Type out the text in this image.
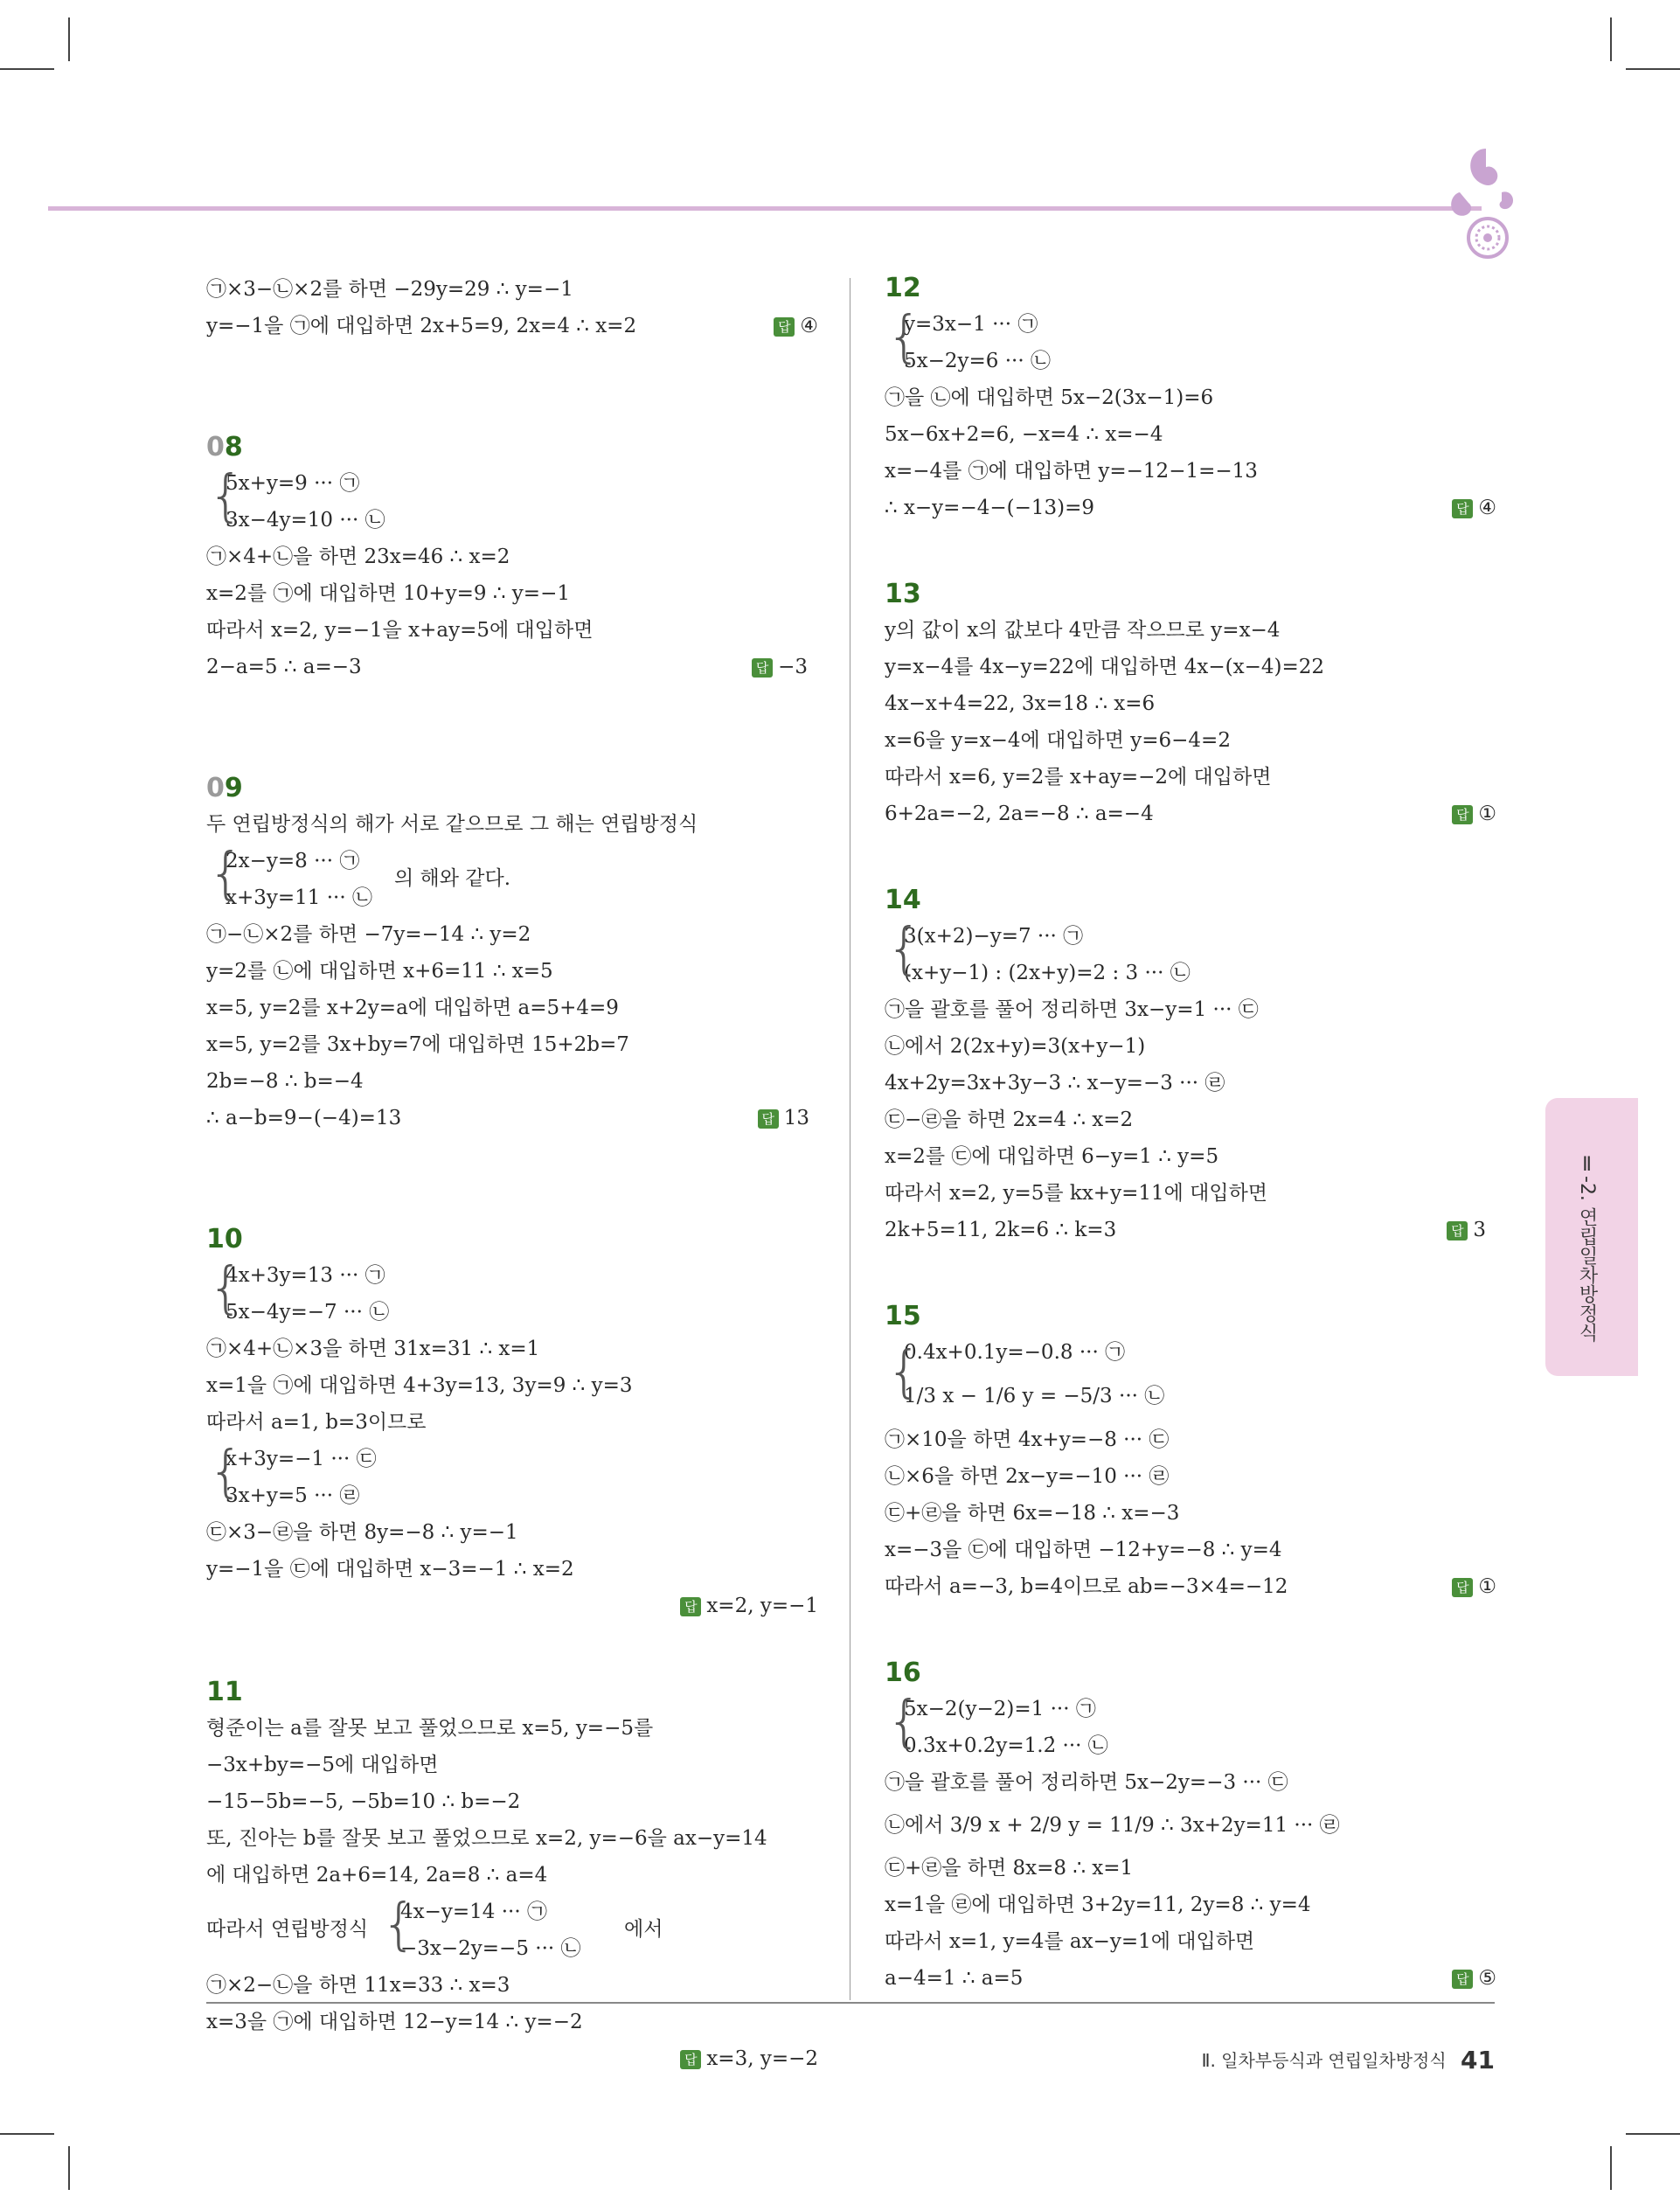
㉠×3−㉡×2를 하면 −29y=29 ∴ y=−1
y=−1을 ㉠에 대입하면 2x+5=9, 2x=4 ∴ x=2	답 ④
08
{
5x+y=9 ··· ㉠
3x−4y=10 ··· ㉡
㉠×4+㉡을 하면 23x=46 ∴ x=2
x=2를 ㉠에 대입하면 10+y=9 ∴ y=−1
따라서 x=2, y=−1을 x+ay=5에 대입하면
2−a=5 ∴ a=−3	답 −3
09
두 연립방정식의 해가 서로 같으므로 그 해는 연립방정식
{
2x−y=8 ··· ㉠
x+3y=11 ··· ㉡
의 해와 같다.
㉠−㉡×2를 하면 −7y=−14 ∴ y=2
y=2를 ㉡에 대입하면 x+6=11 ∴ x=5
x=5, y=2를 x+2y=a에 대입하면 a=5+4=9
x=5, y=2를 3x+by=7에 대입하면 15+2b=7
2b=−8 ∴ b=−4
∴ a−b=9−(−4)=13	답 13
10
{
4x+3y=13 ··· ㉠
5x−4y=−7 ··· ㉡
㉠×4+㉡×3을 하면 31x=31 ∴ x=1
x=1을 ㉠에 대입하면 4+3y=13, 3y=9 ∴ y=3
따라서 a=1, b=3이므로
{
x+3y=−1 ··· ㉢
3x+y=5 ··· ㉣
㉢×3−㉣을 하면 8y=−8 ∴ y=−1
y=−1을 ㉢에 대입하면 x−3=−1 ∴ x=2
답 x=2, y=−1
11
형준이는 a를 잘못 보고 풀었으므로 x=5, y=−5를
−3x+by=−5에 대입하면
−15−5b=−5, −5b=10 ∴ b=−2
또, 진아는 b를 잘못 보고 풀었으므로 x=2, y=−6을 ax−y=14
에 대입하면 2a+6=14, 2a=8 ∴ a=4
따라서 연립방정식 {
4x−y=14 ··· ㉠
−3x−2y=−5 ··· ㉡
에서
㉠×2−㉡을 하면 11x=33 ∴ x=3
x=3을 ㉠에 대입하면 12−y=14 ∴ y=−2
답 x=3, y=−2
12
{
y=3x−1 ··· ㉠
5x−2y=6 ··· ㉡
㉠을 ㉡에 대입하면 5x−2(3x−1)=6
5x−6x+2=6, −x=4 ∴ x=−4
x=−4를 ㉠에 대입하면 y=−12−1=−13
∴ x−y=−4−(−13)=9	답 ④
13
y의 값이 x의 값보다 4만큼 작으므로 y=x−4
y=x−4를 4x−y=22에 대입하면 4x−(x−4)=22
4x−x+4=22, 3x=18 ∴ x=6
x=6을 y=x−4에 대입하면 y=6−4=2
따라서 x=6, y=2를 x+ay=−2에 대입하면
6+2a=−2, 2a=−8 ∴ a=−4	답 ①
14
{
3(x+2)−y=7 ··· ㉠
(x+y−1) : (2x+y)=2 : 3 ··· ㉡
㉠을 괄호를 풀어 정리하면 3x−y=1 ··· ㉢
㉡에서 2(2x+y)=3(x+y−1)
4x+2y=3x+3y−3 ∴ x−y=−3 ··· ㉣
㉢−㉣을 하면 2x=4 ∴ x=2
x=2를 ㉢에 대입하면 6−y=1 ∴ y=5
따라서 x=2, y=5를 kx+y=11에 대입하면
2k+5=11, 2k=6 ∴ k=3	답 3
15
{
0.4x+0.1y=−0.8 ··· ㉠
1/3 x − 1/6 y = −5/3 ··· ㉡
㉠×10을 하면 4x+y=−8 ··· ㉢
㉡×6을 하면 2x−y=−10 ··· ㉣
㉢+㉣을 하면 6x=−18 ∴ x=−3
x=−3을 ㉢에 대입하면 −12+y=−8 ∴ y=4
따라서 a=−3, b=4이므로 ab=−3×4=−12	답 ①
16
{
5x−2(y−2)=1 ··· ㉠
0.3̇x+0.2̇y=1.2̇ ··· ㉡
㉠을 괄호를 풀어 정리하면 5x−2y=−3 ··· ㉢
㉡에서 3/9 x + 2/9 y = 11/9 ∴ 3x+2y=11 ··· ㉣
㉢+㉣을 하면 8x=8 ∴ x=1
x=1을 ㉣에 대입하면 3+2y=11, 2y=8 ∴ y=4
따라서 x=1, y=4를 ax−y=1에 대입하면
a−4=1 ∴ a=5	답 ⑤
Ⅱ-2. 연립일차방정식
Ⅱ. 일차부등식과 연립일차방정식 41
